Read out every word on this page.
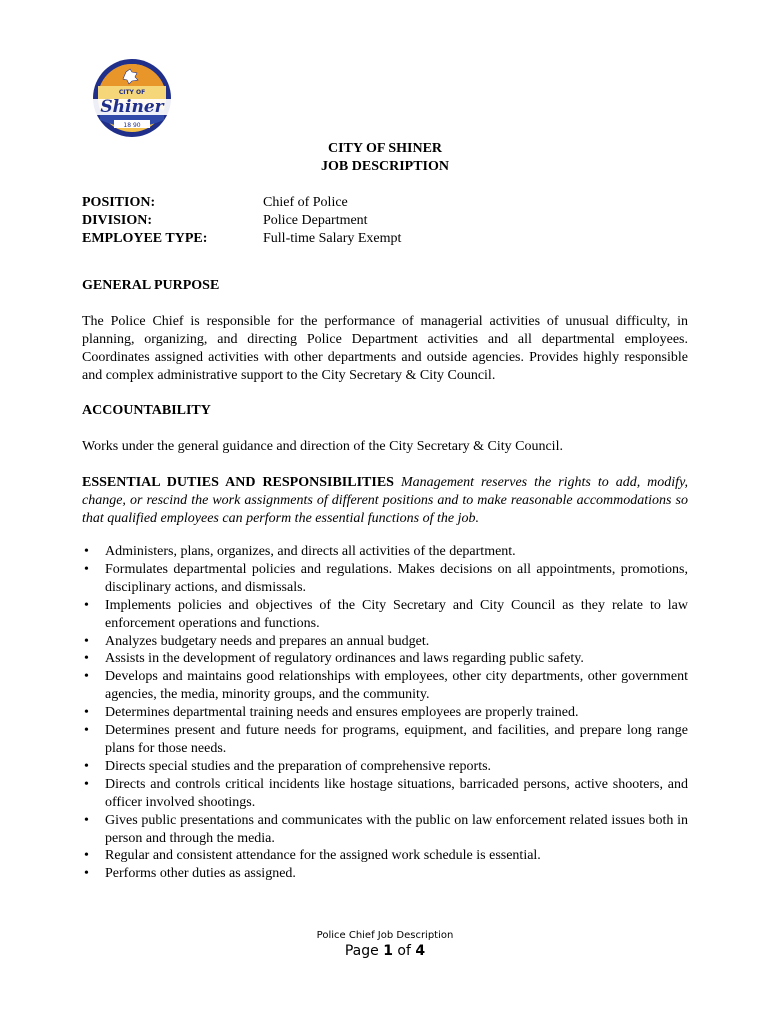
CITY OF
Shiner
18 90
CITY OF SHINER
JOB DESCRIPTION
POSITION:	Chief of Police
DIVISION:	Police Department
EMPLOYEE TYPE:	Full-time Salary Exempt
GENERAL PURPOSE

The Police Chief is responsible for the performance of managerial activities of unusual difficulty, in planning, organizing, and directing Police Department activities and all departmental employees. Coordinates assigned activities with other departments and outside agencies. Provides highly responsible and complex administrative support to the City Secretary & City Council.

ACCOUNTABILITY

Works under the general guidance and direction of the City Secretary & City Council.

ESSENTIAL DUTIES AND RESPONSIBILITIES Management reserves the rights to add, modify, change, or rescind the work assignments of different positions and to make reasonable accommodations so that qualified employees can perform the essential functions of the job.

• Administers, plans, organizes, and directs all activities of the department.
• Formulates departmental policies and regulations. Makes decisions on all appointments, promotions, disciplinary actions, and dismissals.
• Implements policies and objectives of the City Secretary and City Council as they relate to law enforcement operations and functions.
• Analyzes budgetary needs and prepares an annual budget.
• Assists in the development of regulatory ordinances and laws regarding public safety.
• Develops and maintains good relationships with employees, other city departments, other government agencies, the media, minority groups, and the community.
• Determines departmental training needs and ensures employees are properly trained.
• Determines present and future needs for programs, equipment, and facilities, and prepare long range plans for those needs.
• Directs special studies and the preparation of comprehensive reports.
• Directs and controls critical incidents like hostage situations, barricaded persons, active shooters, and officer involved shootings.
• Gives public presentations and communicates with the public on law enforcement related issues both in person and through the media.
• Regular and consistent attendance for the assigned work schedule is essential.
• Performs other duties as assigned.
Police Chief Job Description
Page 1 of 4
